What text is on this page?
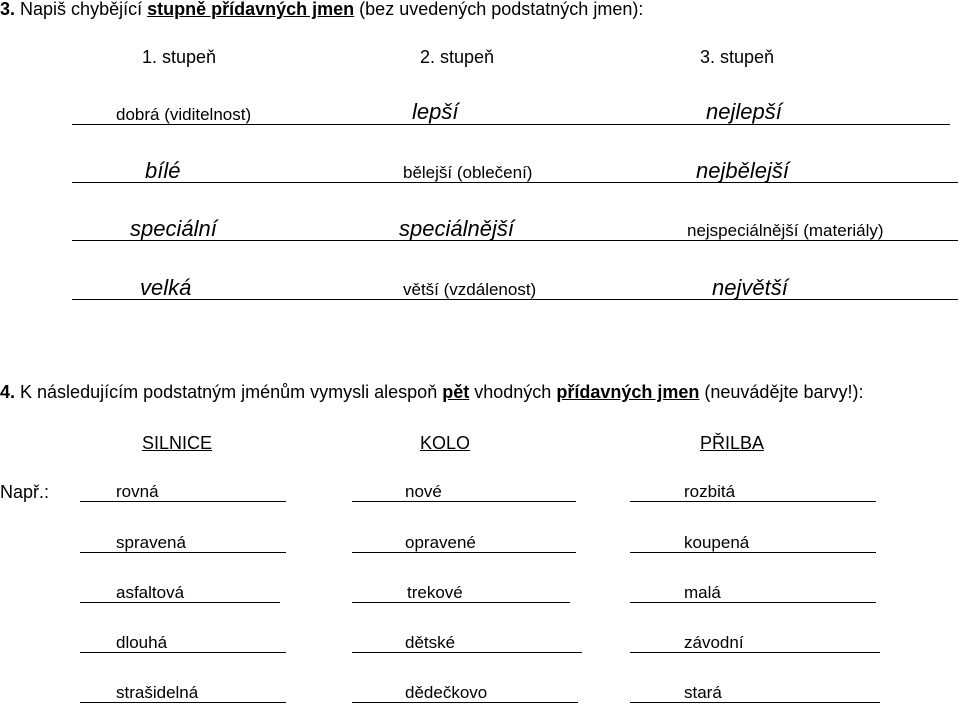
3. Napiš chybějící stupně přídavných jmen (bez uvedených podstatných jmen):
1. stupeň	2. stupeň	3. stupeň
dobrá (viditelnost)	lepší	nejlepší
bílé	bělejší (oblečení)	nejbělejší
speciální	speciálnější	nejspeciálnější (materiály)
velká	větší (vzdálenost)	největší
4. K následujícím podstatným jménům vymysli alespoň pět vhodných přídavných jmen (neuvádějte barvy!):
SILNICE	KOLO	PŘILBA
Např.:	rovná	nové	rozbitá
spravená	opravené	koupená
asfaltová	trekové	malá
dlouhá	dětské	závodní
strašidelná	dědečkovo	stará
